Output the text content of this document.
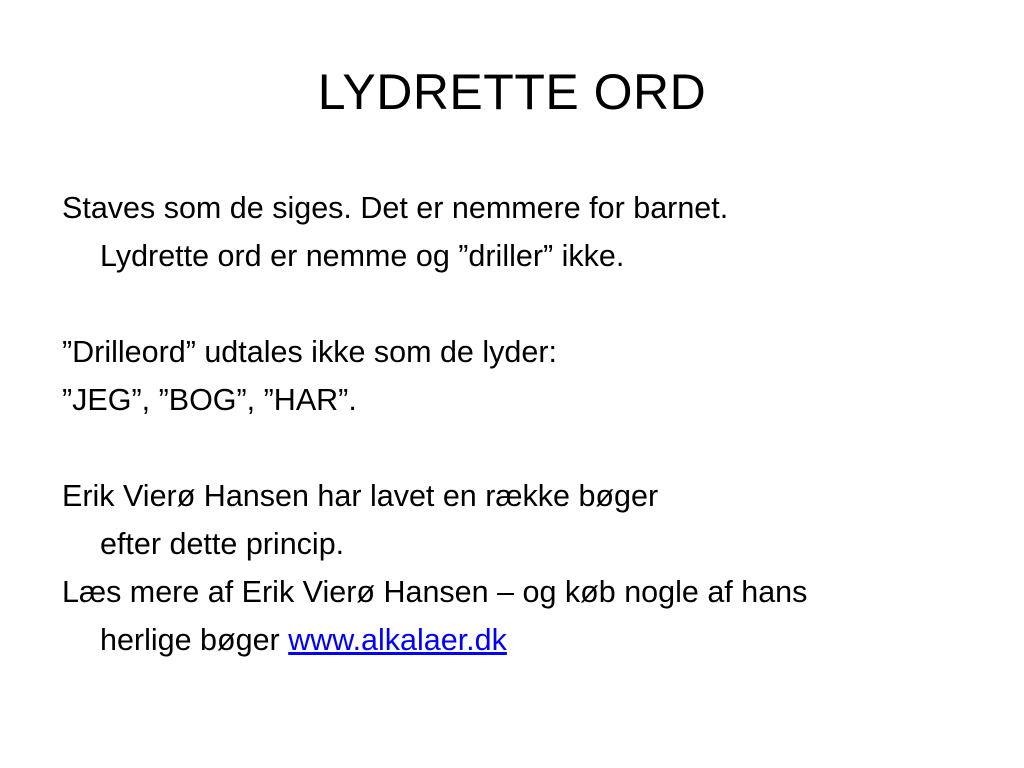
LYDRETTE ORD

Staves som de siges. Det er nemmere for barnet.
Lydrette ord er nemme og ”driller” ikke.

”Drilleord” udtales ikke som de lyder:

”JEG”, ”BOG”, ”HAR”.

Erik Vierø Hansen har lavet en række bøger
efter dette princip.

Læs mere af Erik Vierø Hansen – og køb nogle af hans
herlige bøger www.alkalaer.dk
